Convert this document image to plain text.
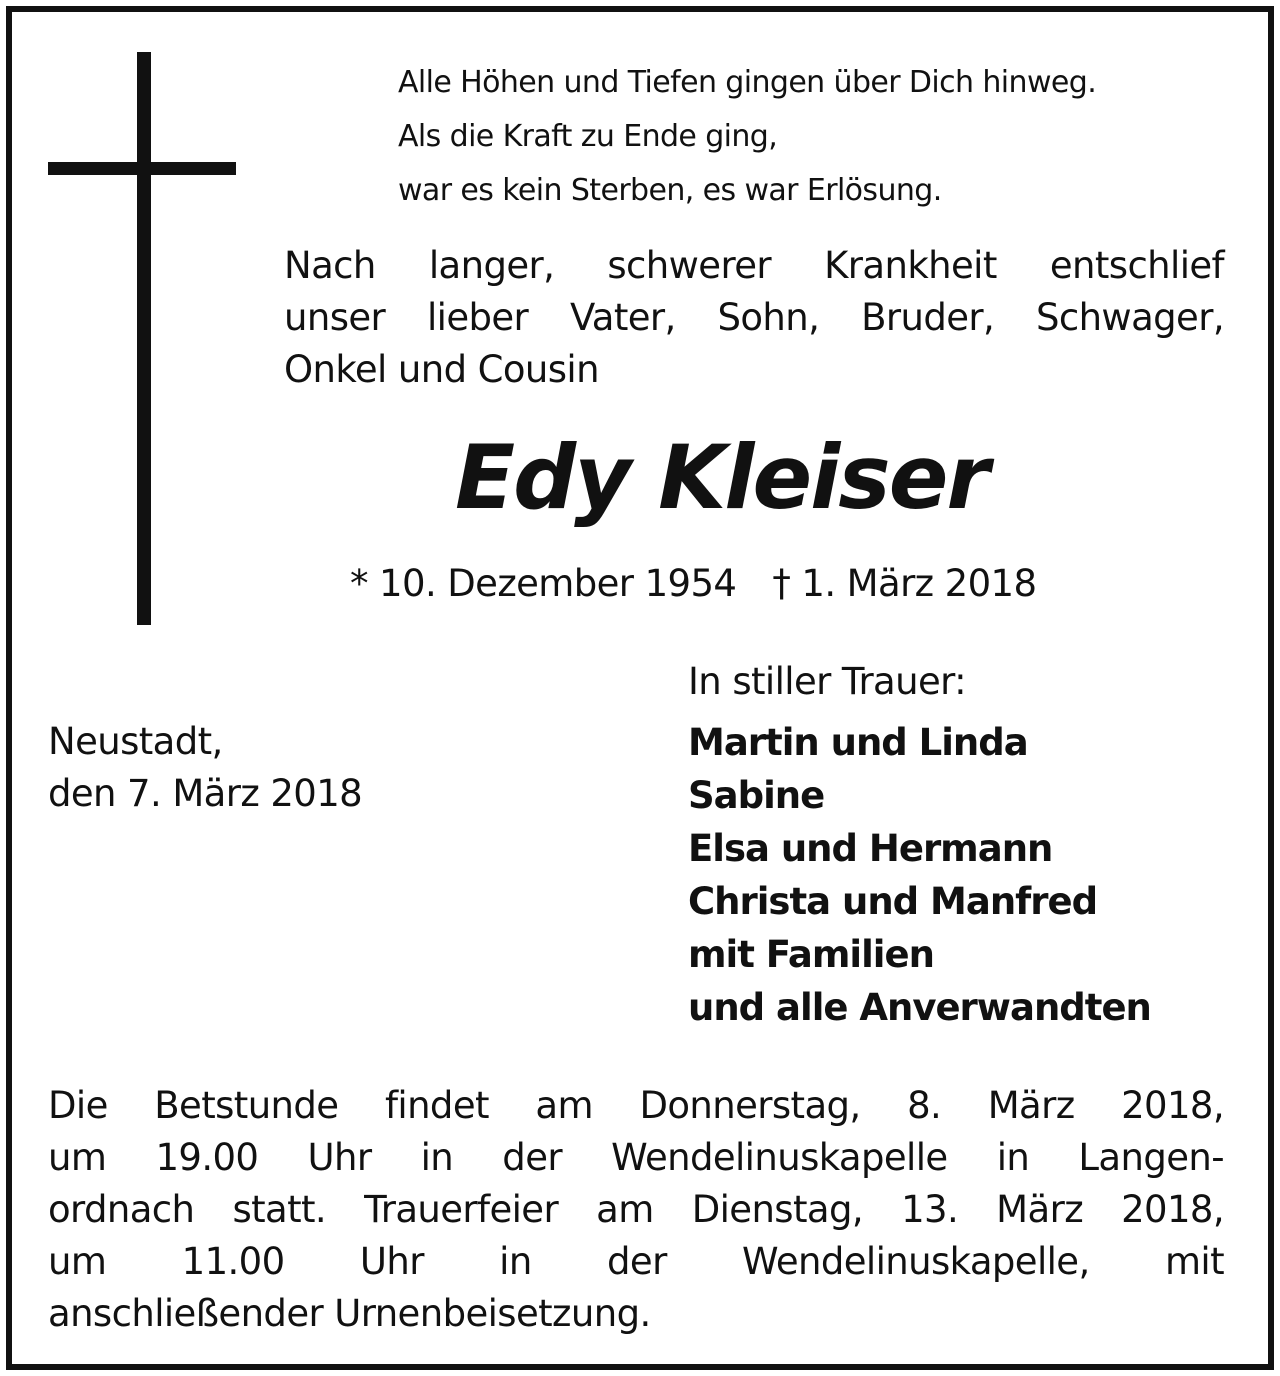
Alle Höhen und Tiefen gingen über Dich hinweg.
Als die Kraft zu Ende ging,
war es kein Sterben, es war Erlösung.
Nach langer, schwerer Krankheit entschlief
unser lieber Vater, Sohn, Bruder, Schwager,
Onkel und Cousin
Edy Kleiser
* 10. Dezember 1954 † 1. März 2018
Neustadt,
den 7. März 2018
In stiller Trauer:
Martin und Linda
Sabine
Elsa und Hermann
Christa und Manfred
mit Familien
und alle Anverwandten
Die Betstunde findet am Donnerstag, 8. März 2018,
um 19.00 Uhr in der Wendelinuskapelle in Langen-
ordnach statt. Trauerfeier am Dienstag, 13. März 2018,
um 11.00 Uhr in der Wendelinuskapelle, mit
anschließender Urnenbeisetzung.
